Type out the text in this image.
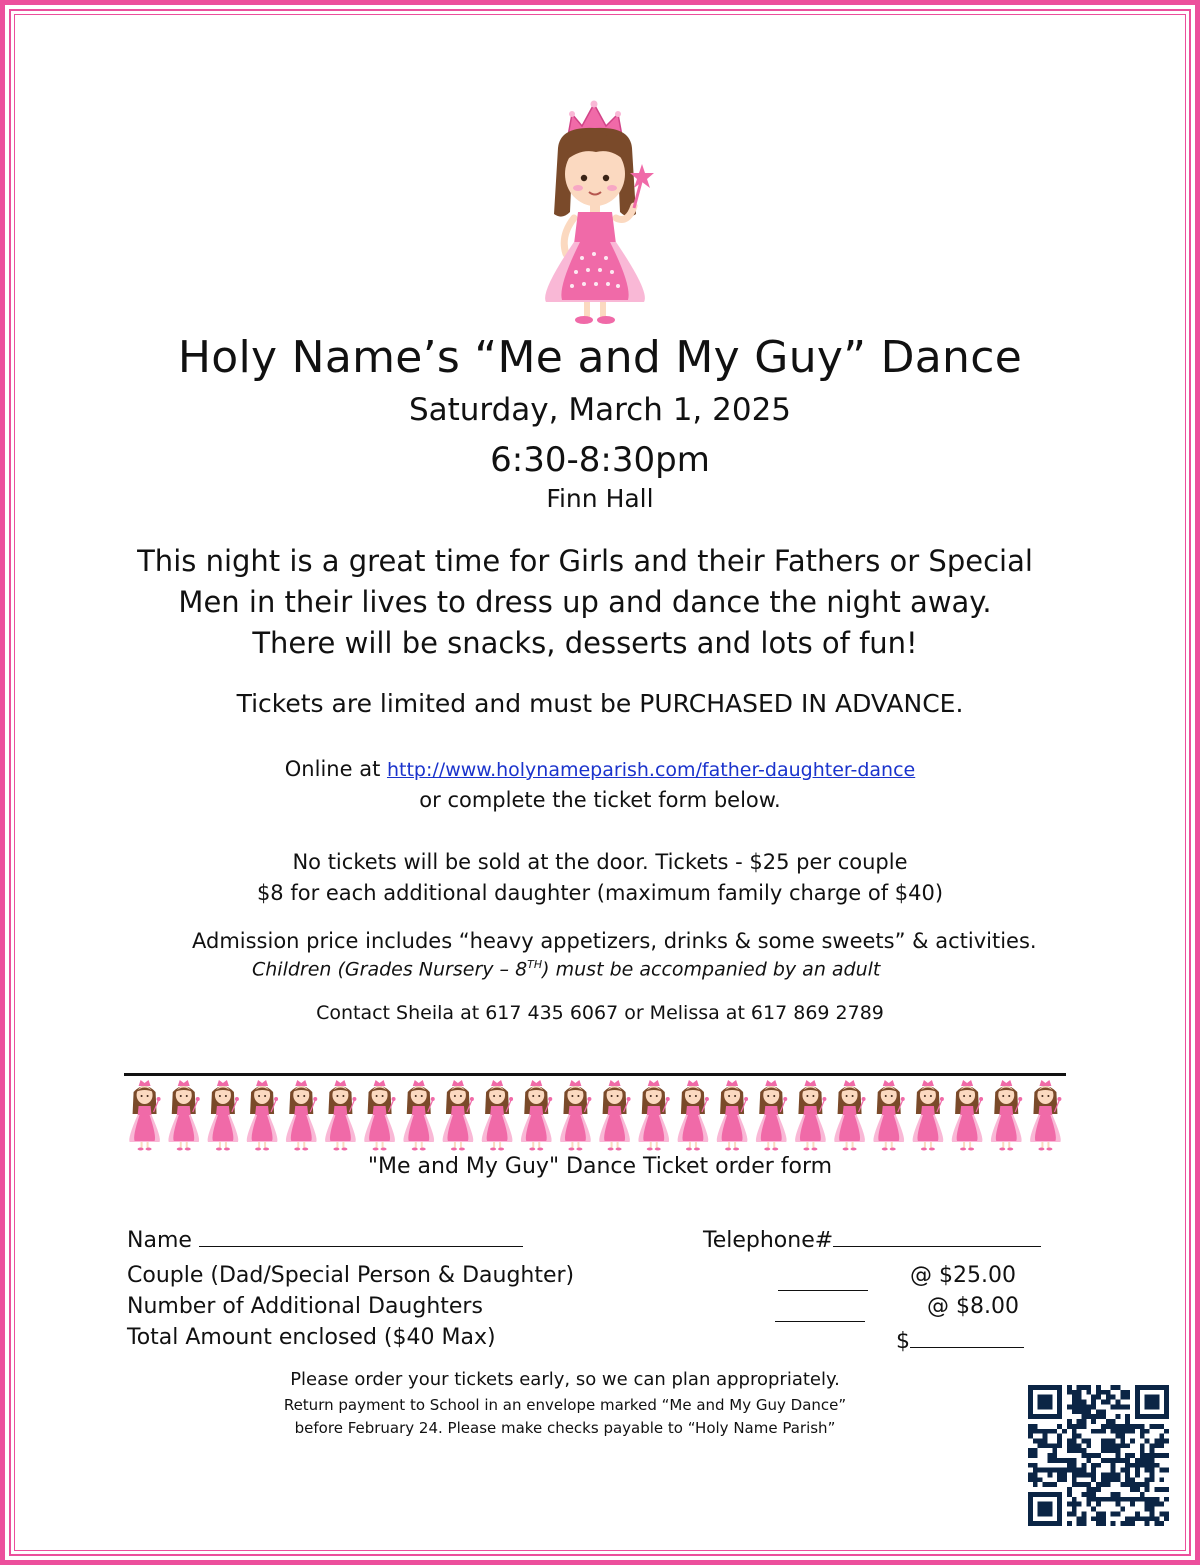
Holy Name’s “Me and My Guy” Dance
Saturday, March 1, 2025
6:30-8:30pm
Finn Hall
This night is a great time for Girls and their Fathers or Special
Men in their lives to dress up and dance the night away.
There will be snacks, desserts and lots of fun!
Tickets are limited and must be PURCHASED IN ADVANCE.
Online at http://www.holynameparish.com/father-daughter-dance
or complete the ticket form below.
No tickets will be sold at the door. Tickets - $25 per couple
$8 for each additional daughter (maximum family charge of $40)
Admission price includes “heavy appetizers, drinks & some sweets” & activities.
Children (Grades Nursery – 8TH) must be accompanied by an adult
Contact Sheila at 617 435 6067 or Melissa at 617 869 2789
"Me and My Guy" Dance Ticket order form
Name	Telephone#
Couple (Dad/Special Person & Daughter)	@ $25.00
Number of Additional Daughters	@ $8.00
Total Amount enclosed ($40 Max)	$
Please order your tickets early, so we can plan appropriately.
Return payment to School in an envelope marked “Me and My Guy Dance”
before February 24. Please make checks payable to “Holy Name Parish”
